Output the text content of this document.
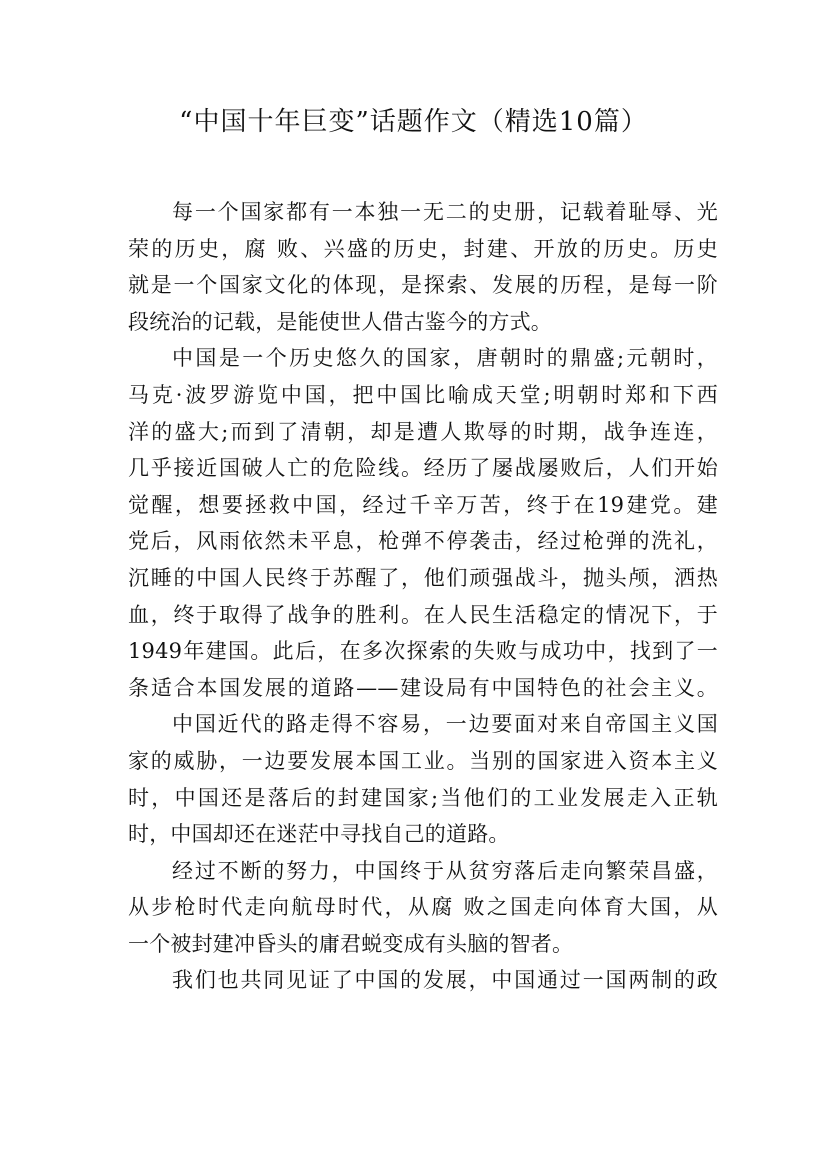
“中国十年巨变”话题作文（精选10篇）
每一个国家都有一本独一无二的史册，记载着耻辱、光
荣的历史，腐 败、兴盛的历史，封建、开放的历史。历史
就是一个国家文化的体现，是探索、发展的历程，是每一阶
段统治的记载，是能使世人借古鉴今的方式。
中国是一个历史悠久的国家，唐朝时的鼎盛;元朝时，
马克·波罗游览中国，把中国比喻成天堂;明朝时郑和下西
洋的盛大;而到了清朝，却是遭人欺辱的时期，战争连连，
几乎接近国破人亡的危险线。经历了屡战屡败后，人们开始
觉醒，想要拯救中国，经过千辛万苦，终于在19建党。建
党后，风雨依然未平息，枪弹不停袭击，经过枪弹的洗礼，
沉睡的中国人民终于苏醒了，他们顽强战斗，抛头颅，洒热
血，终于取得了战争的胜利。在人民生活稳定的情况下，于
1949年建国。此后，在多次探索的失败与成功中，找到了一
条适合本国发展的道路——建设局有中国特色的社会主义。
中国近代的路走得不容易，一边要面对来自帝国主义国
家的威胁，一边要发展本国工业。当别的国家进入资本主义
时，中国还是落后的封建国家;当他们的工业发展走入正轨
时，中国却还在迷茫中寻找自己的道路。
经过不断的努力，中国终于从贫穷落后走向繁荣昌盛，
从步枪时代走向航母时代，从腐 败之国走向体育大国，从
一个被封建冲昏头的庸君蜕变成有头脑的智者。
我们也共同见证了中国的发展，中国通过一国两制的政
